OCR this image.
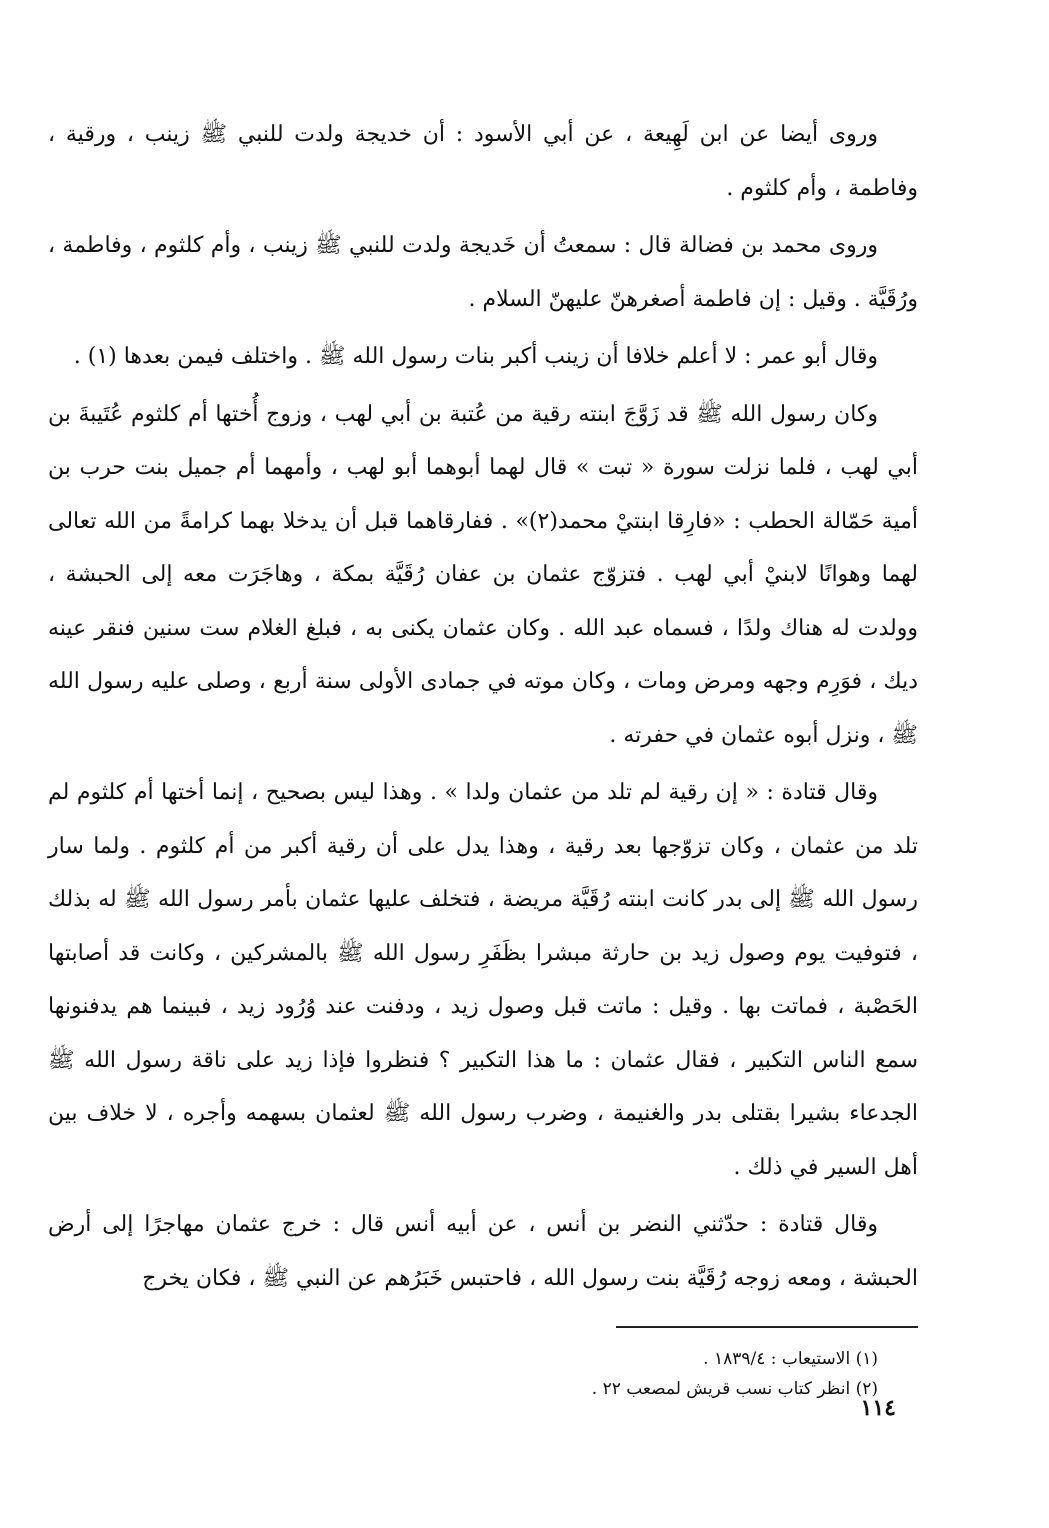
وروى أيضا عن ابن لَهِيعة ، عن أبي الأسود : أن خديجة ولدت للنبي ﷺ زينب ، ورقية ، وفاطمة ، وأم كلثوم .

وروى محمد بن فضالة قال : سمعتُ أن خَديجة ولدت للنبي ﷺ زينب ، وأم كلثوم ، وفاطمة ، ورُقَيَّة . وقيل : إن فاطمة أصغرهنّ عليهنّ السلام .

وقال أبو عمر : لا أعلم خلافا أن زينب أكبر بنات رسول الله ﷺ . واختلف فيمن بعدها (١) .

وكان رسول الله ﷺ قد زَوَّجَ ابنته رقية من عُتبة بن أبي لهب ، وزوج أُختها أم كلثوم عُتَيبةَ بن أبي لهب ، فلما نزلت سورة « تبت » قال لهما أبوهما أبو لهب ، وأمهما أم جميل بنت حرب بن أمية حَمّالة الحطب : «فارِقا ابنتيْ محمد(٢)» . ففارقاهما قبل أن يدخلا بهما كرامةً من الله تعالى لهما وهوانًا لابنيْ أبي لهب . فتزوّج عثمان بن عفان رُقَيَّة بمكة ، وهاجَرَت معه إلى الحبشة ، وولدت له هناك ولدًا ، فسماه عبد الله . وكان عثمان يكنى به ، فبلغ الغلام ست سنين فنقر عينه ديك ، فوَرِم وجهه ومرض ومات ، وكان موته في جمادى الأولى سنة أربع ، وصلى عليه رسول الله ﷺ ، ونزل أبوه عثمان في حفرته .

وقال قتادة : « إن رقية لم تلد من عثمان ولدا » . وهذا ليس بصحيح ، إنما أختها أم كلثوم لم تلد من عثمان ، وكان تزوّجها بعد رقية ، وهذا يدل على أن رقية أكبر من أم كلثوم . ولما سار رسول الله ﷺ إلى بدر كانت ابنته رُقَيَّة مريضة ، فتخلف عليها عثمان بأمر رسول الله ﷺ له بذلك ، فتوفيت يوم وصول زيد بن حارثة مبشرا بظَفَرِ رسول الله ﷺ بالمشركين ، وكانت قد أصابتها الحَصْبة ، فماتت بها . وقيل : ماتت قبل وصول زيد ، ودفنت عند وُرُود زيد ، فبينما هم يدفنونها سمع الناس التكبير ، فقال عثمان : ما هذا التكبير ؟ فنظروا فإذا زيد على ناقة رسول الله ﷺ الجدعاء بشيرا بقتلى بدر والغنيمة ، وضرب رسول الله ﷺ لعثمان بسهمه وأجره ، لا خلاف بين أهل السير في ذلك .

وقال قتادة : حدّثني النضر بن أنس ، عن أبيه أنس قال : خرج عثمان مهاجرًا إلى أرض الحبشة ، ومعه زوجه رُقَيَّة بنت رسول الله ، فاحتبس خَبَرُهم عن النبي ﷺ ، فكان يخرج

(١) الاستيعاب : ١٨٣٩/٤ .

(٢) انظر كتاب نسب قريش لمصعب ٢٢ .

١١٤
